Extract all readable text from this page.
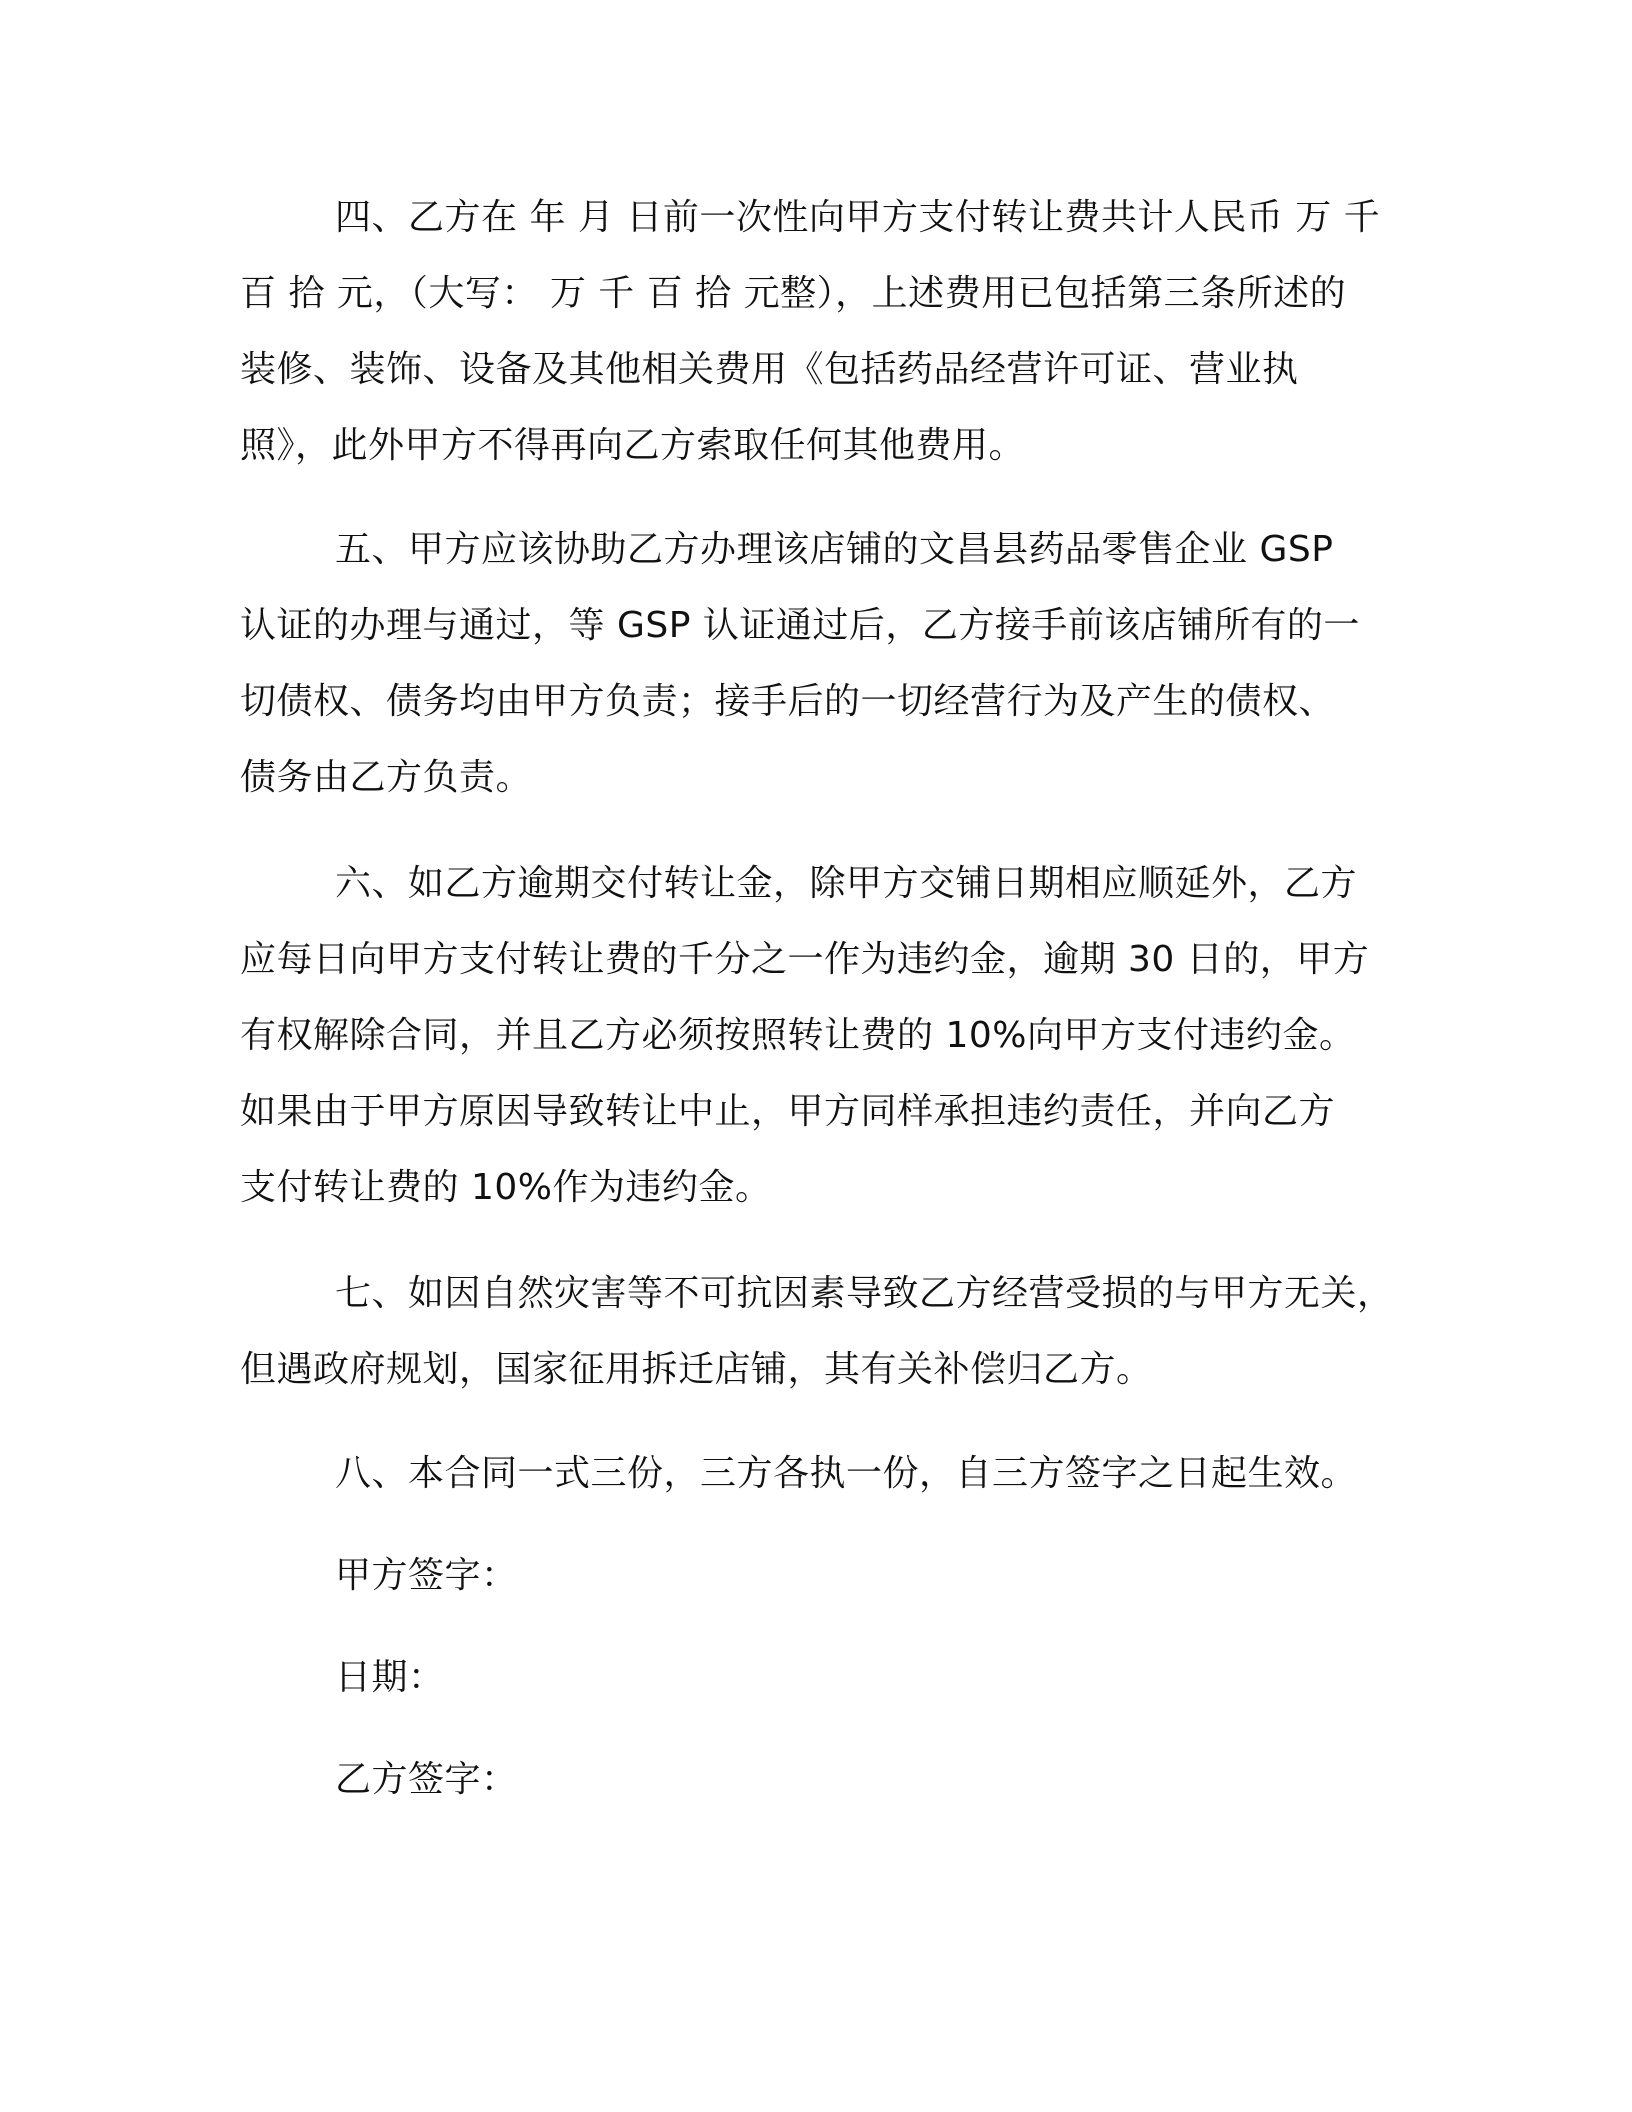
四、乙方在 年 月 日前一次性向甲方支付转让费共计人民币 万 千
百 拾 元，（大写： 万 千 百 拾 元整），上述费用已包括第三条所述的
装修、装饰、设备及其他相关费用《包括药品经营许可证、营业执
照》，此外甲方不得再向乙方索取任何其他费用。
五、甲方应该协助乙方办理该店铺的文昌县药品零售企业 GSP
认证的办理与通过，等 GSP 认证通过后，乙方接手前该店铺所有的一
切债权、债务均由甲方负责；接手后的一切经营行为及产生的债权、
债务由乙方负责。
六、如乙方逾期交付转让金，除甲方交铺日期相应顺延外，乙方
应每日向甲方支付转让费的千分之一作为违约金，逾期 30 日的，甲方
有权解除合同，并且乙方必须按照转让费的 10%向甲方支付违约金。
如果由于甲方原因导致转让中止，甲方同样承担违约责任，并向乙方
支付转让费的 10%作为违约金。
七、如因自然灾害等不可抗因素导致乙方经营受损的与甲方无关，
但遇政府规划，国家征用拆迁店铺，其有关补偿归乙方。
八、本合同一式三份，三方各执一份，自三方签字之日起生效。
甲方签字：
日期：
乙方签字：
